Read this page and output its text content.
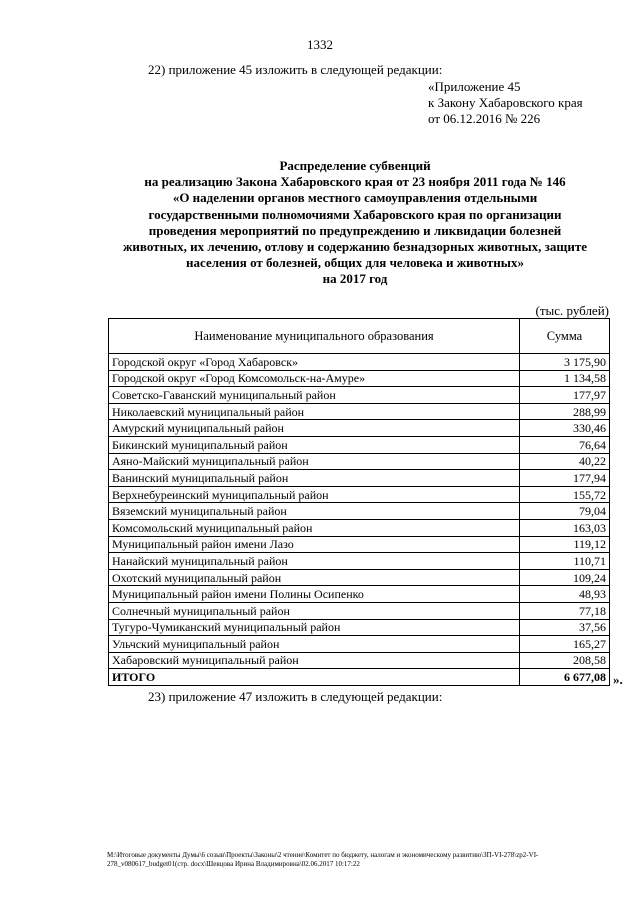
1332
22) приложение 45 изложить в следующей редакции:
«Приложение 45
к Закону Хабаровского края
от 06.12.2016 № 226
Распределение субвенций
на реализацию Закона Хабаровского края от 23 ноября 2011 года № 146
«О наделении органов местного самоуправления отдельными
государственными полномочиями Хабаровского края по организации
проведения мероприятий по предупреждению и ликвидации болезней
животных, их лечению, отлову и содержанию безнадзорных животных, защите
населения от болезней, общих для человека и животных»
на 2017 год
(тыс. рублей)
Наименование муниципального образования	Сумма
Городской округ «Город Хабаровск»	3 175,90
Городской округ «Город Комсомольск-на-Амуре»	1 134,58
Советско-Гаванский муниципальный район	177,97
Николаевский муниципальный район	288,99
Амурский муниципальный район	330,46
Бикинский муниципальный район	76,64
Аяно-Майский муниципальный район	40,22
Ванинский муниципальный район	177,94
Верхнебуреинский муниципальный район	155,72
Вяземский муниципальный район	79,04
Комсомольский муниципальный район	163,03
Муниципальный район имени Лазо	119,12
Нанайский муниципальный район	110,71
Охотский муниципальный район	109,24
Муниципальный район имени Полины Осипенко	48,93
Солнечный муниципальный район	77,18
Тугуро-Чумиканский муниципальный район	37,56
Ульчский муниципальный район	165,27
Хабаровский муниципальный район	208,58
ИТОГО	6 677,08 ».
23) приложение 47 изложить в следующей редакции:
M:\Итоговые документы Думы\6 созыв\Проекты\Законы\2 чтение\Комитет по бюджету, налогам и экономическому развитию\ЗП-VI-278\zp2-VI-
278_v080617_budget01(стр. docx\Шевцова Ирина Владимировна\02.06.2017 10:17:22
